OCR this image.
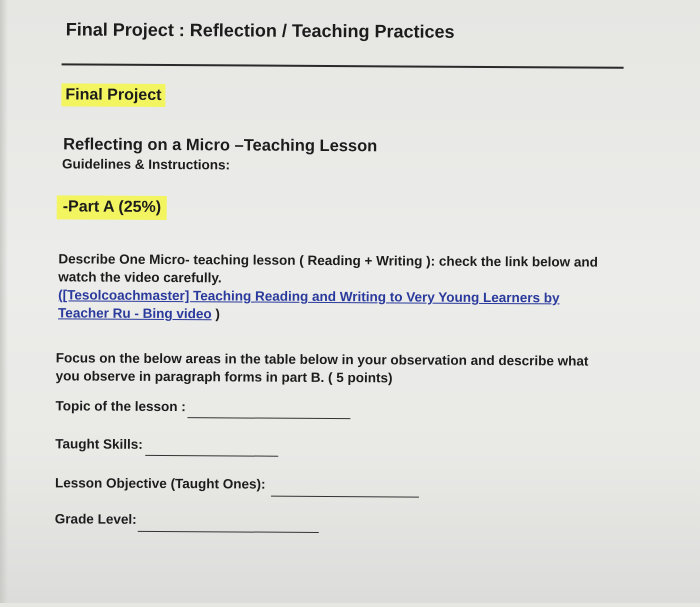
Final Project : Reflection / Teaching Practices
Final Project
Reflecting on a Micro –Teaching Lesson
Guidelines & Instructions:
-Part A (25%)
Describe One Micro- teaching lesson ( Reading + Writing ): check the link below and watch the video carefully.
([Tesolcoachmaster] Teaching Reading and Writing to Very Young Learners by Teacher Ru - Bing video )
Focus on the below areas in the table below in your observation and describe what you observe in paragraph forms in part B. ( 5 points)
Topic of the lesson :
Taught Skills:
Lesson Objective (Taught Ones):
Grade Level:
